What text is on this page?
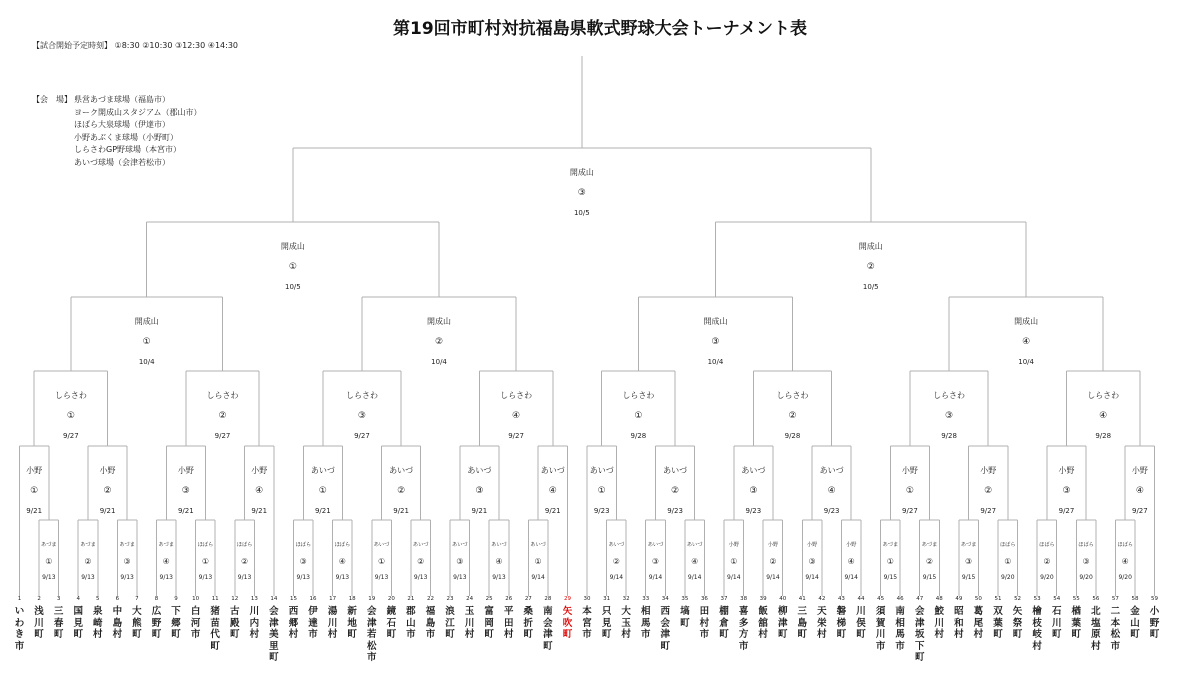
第19回市町村対抗福島県軟式野球大会トーナメント表
【試合開始予定時刻】 ①8:30 ②10:30 ③12:30 ④14:30
【会　場】 県営あづま球場（福島市）
ヨーク開成山スタジアム（郡山市）
ほばら大泉球場（伊達市）
小野あぶくま球場（小野町）
しらさわGP野球場（本宮市）
あいづ球場（会津若松市）
あづま
①
9/13
小野
①
9/21
あづま
②
9/13
あづま
③
9/13
小野
②
9/21
しらさわ
①
9/27
あづま
④
9/13
ほばら
①
9/13
小野
③
9/21
ほばら
②
9/13
小野
④
9/21
しらさわ
②
9/27
開成山
①
10/4
ほばら
③
9/13
ほばら
④
9/13
あいづ
①
9/21
あいづ
①
9/13
あいづ
②
9/13
あいづ
②
9/21
しらさわ
③
9/27
あいづ
③
9/13
あいづ
④
9/13
あいづ
③
9/21
あいづ
①
9/14
あいづ
④
9/21
しらさわ
④
9/27
開成山
②
10/4
あいづ
②
9/14
あいづ
①
9/23
あいづ
③
9/14
あいづ
④
9/14
あいづ
②
9/23
しらさわ
①
9/28
小野
①
9/14
小野
②
9/14
あいづ
③
9/23
小野
③
9/14
小野
④
9/14
あいづ
④
9/23
しらさわ
②
9/28
開成山
③
10/4
あづま
①
9/15
あづま
②
9/15
小野
①
9/27
あづま
③
9/15
ほばら
①
9/20
小野
②
9/27
しらさわ
③
9/28
ほばら
②
9/20
ほばら
③
9/20
小野
③
9/27
ほばら
④
9/20
小野
④
9/27
しらさわ
④
9/28
開成山
④
10/4
開成山
①
10/5
開成山
②
10/5
開成山
③
10/5
1
いわき市
2
浅川町
3
三春町
4
国見町
5
泉崎村
6
中島村
7
大熊町
8
広野町
9
下郷町
10
白河市
11
猪苗代町
12
古殿町
13
川内村
14
会津美里町
15
西郷村
16
伊達市
17
湯川村
18
新地町
19
会津若松市
20
鏡石町
21
郡山市
22
福島市
23
浪江町
24
玉川村
25
富岡町
26
平田村
27
桑折町
28
南会津町
29
矢吹町
30
本宮市
31
只見町
32
大玉村
33
相馬市
34
西会津町
35
塙町
36
田村市
37
棚倉町
38
喜多方市
39
飯舘村
40
柳津町
41
三島町
42
天栄村
43
磐梯町
44
川俣町
45
須賀川市
46
南相馬市
47
会津坂下町
48
鮫川村
49
昭和村
50
葛尾村
51
双葉町
52
矢祭町
53
檜枝岐村
54
石川町
55
楢葉町
56
北塩原村
57
二本松市
58
金山町
59
小野町
